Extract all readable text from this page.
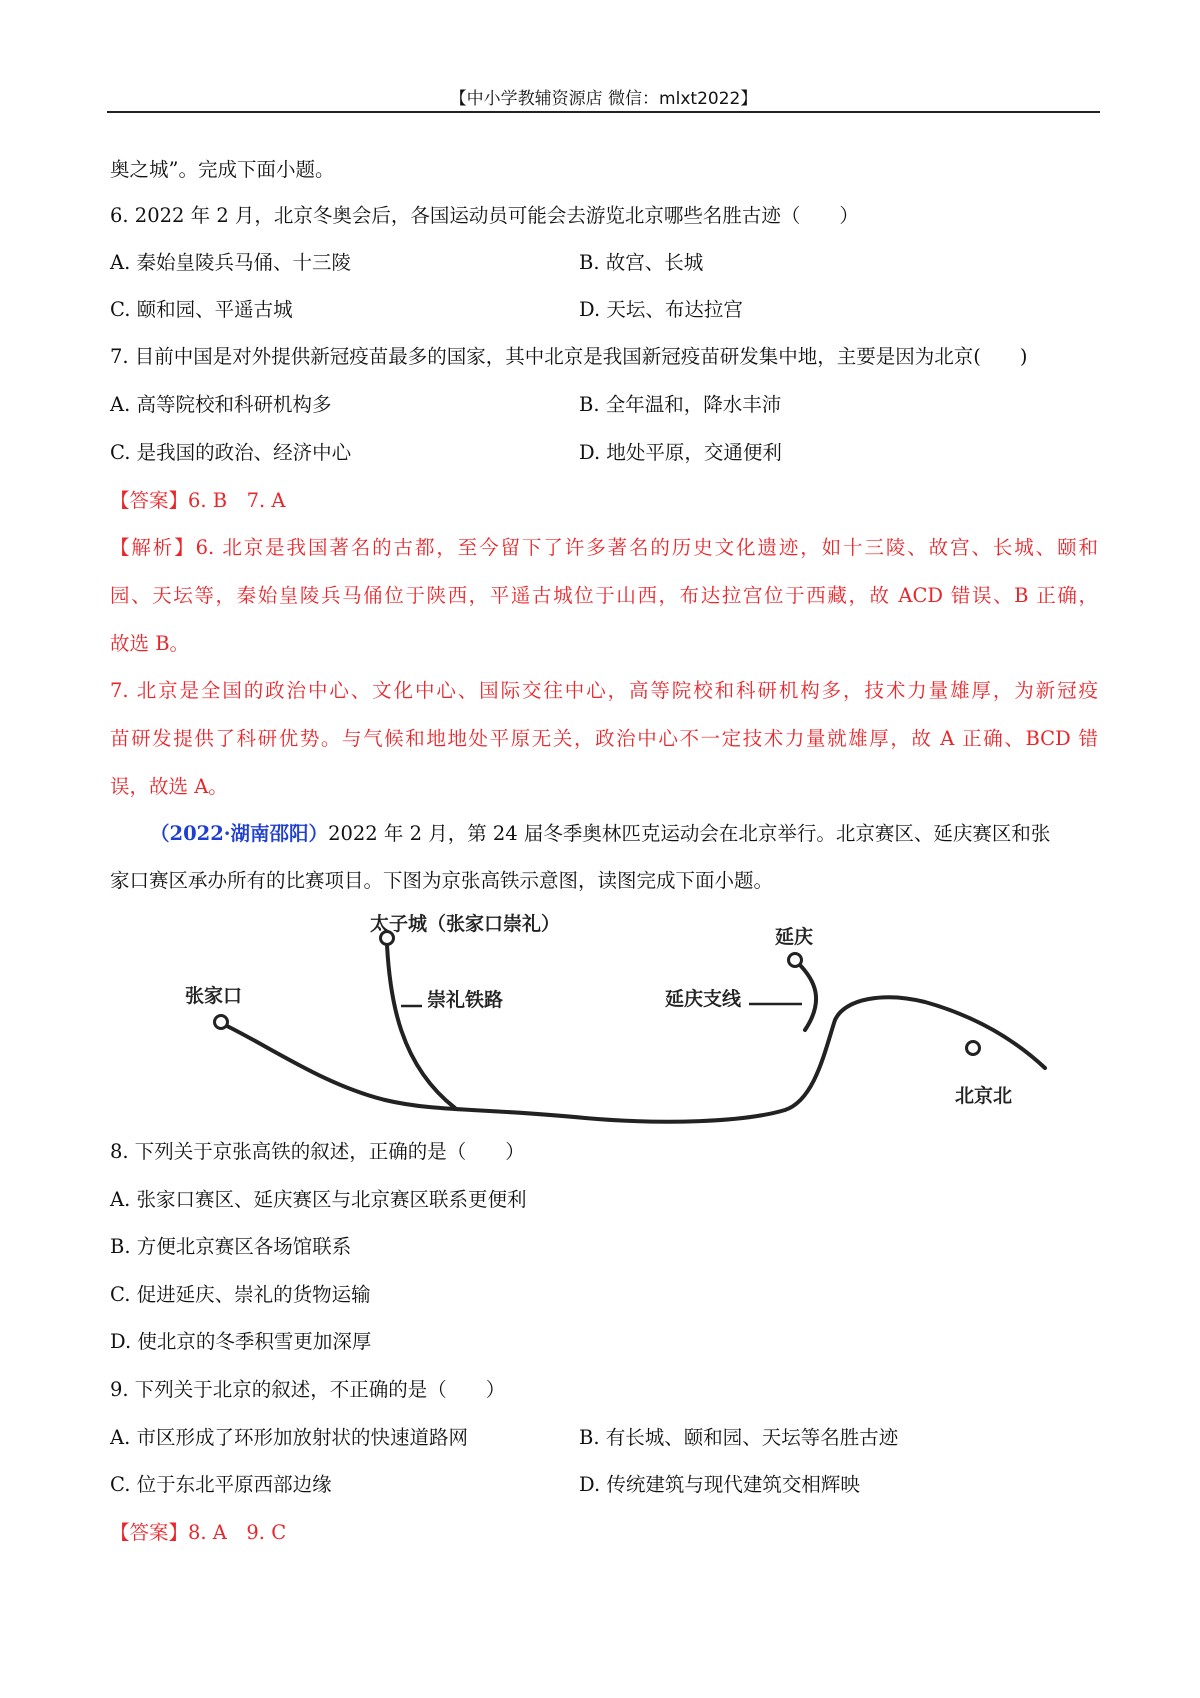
【中小学教辅资源店 微信：mlxt2022】
奥之城”。完成下面小题。
6. 2022 年 2 月，北京冬奥会后，各国运动员可能会去游览北京哪些名胜古迹（　　）
A. 秦始皇陵兵马俑、十三陵	B. 故宫、长城
C. 颐和园、平遥古城	D. 天坛、布达拉宫
7. 目前中国是对外提供新冠疫苗最多的国家，其中北京是我国新冠疫苗研发集中地，主要是因为北京(　　)
A. 高等院校和科研机构多	B. 全年温和，降水丰沛
C. 是我国的政治、经济中心	D. 地处平原，交通便利
【答案】6. B　7. A
【解析】6. 北京是我国著名的古都，至今留下了许多著名的历史文化遗迹，如十三陵、故宫、长城、颐和
园、天坛等，秦始皇陵兵马俑位于陕西，平遥古城位于山西，布达拉宫位于西藏，故 ACD 错误、B 正确，
故选 B。
7. 北京是全国的政治中心、文化中心、国际交往中心，高等院校和科研机构多，技术力量雄厚，为新冠疫
苗研发提供了科研优势。与气候和地地处平原无关，政治中心不一定技术力量就雄厚，故 A 正确、BCD 错
误，故选 A。
（2022·湖南邵阳）2022 年 2 月，第 24 届冬季奥林匹克运动会在北京举行。北京赛区、延庆赛区和张
家口赛区承办所有的比赛项目。下图为京张高铁示意图，读图完成下面小题。
太子城（张家口崇礼）
崇礼铁路
张家口
延庆
延庆支线
北京北
8. 下列关于京张高铁的叙述，正确的是（　　）
A. 张家口赛区、延庆赛区与北京赛区联系更便利
B. 方便北京赛区各场馆联系
C. 促进延庆、崇礼的货物运输
D. 使北京的冬季积雪更加深厚
9. 下列关于北京的叙述，不正确的是（　　）
A. 市区形成了环形加放射状的快速道路网	B. 有长城、颐和园、天坛等名胜古迹
C. 位于东北平原西部边缘	D. 传统建筑与现代建筑交相辉映
【答案】8. A　9. C
